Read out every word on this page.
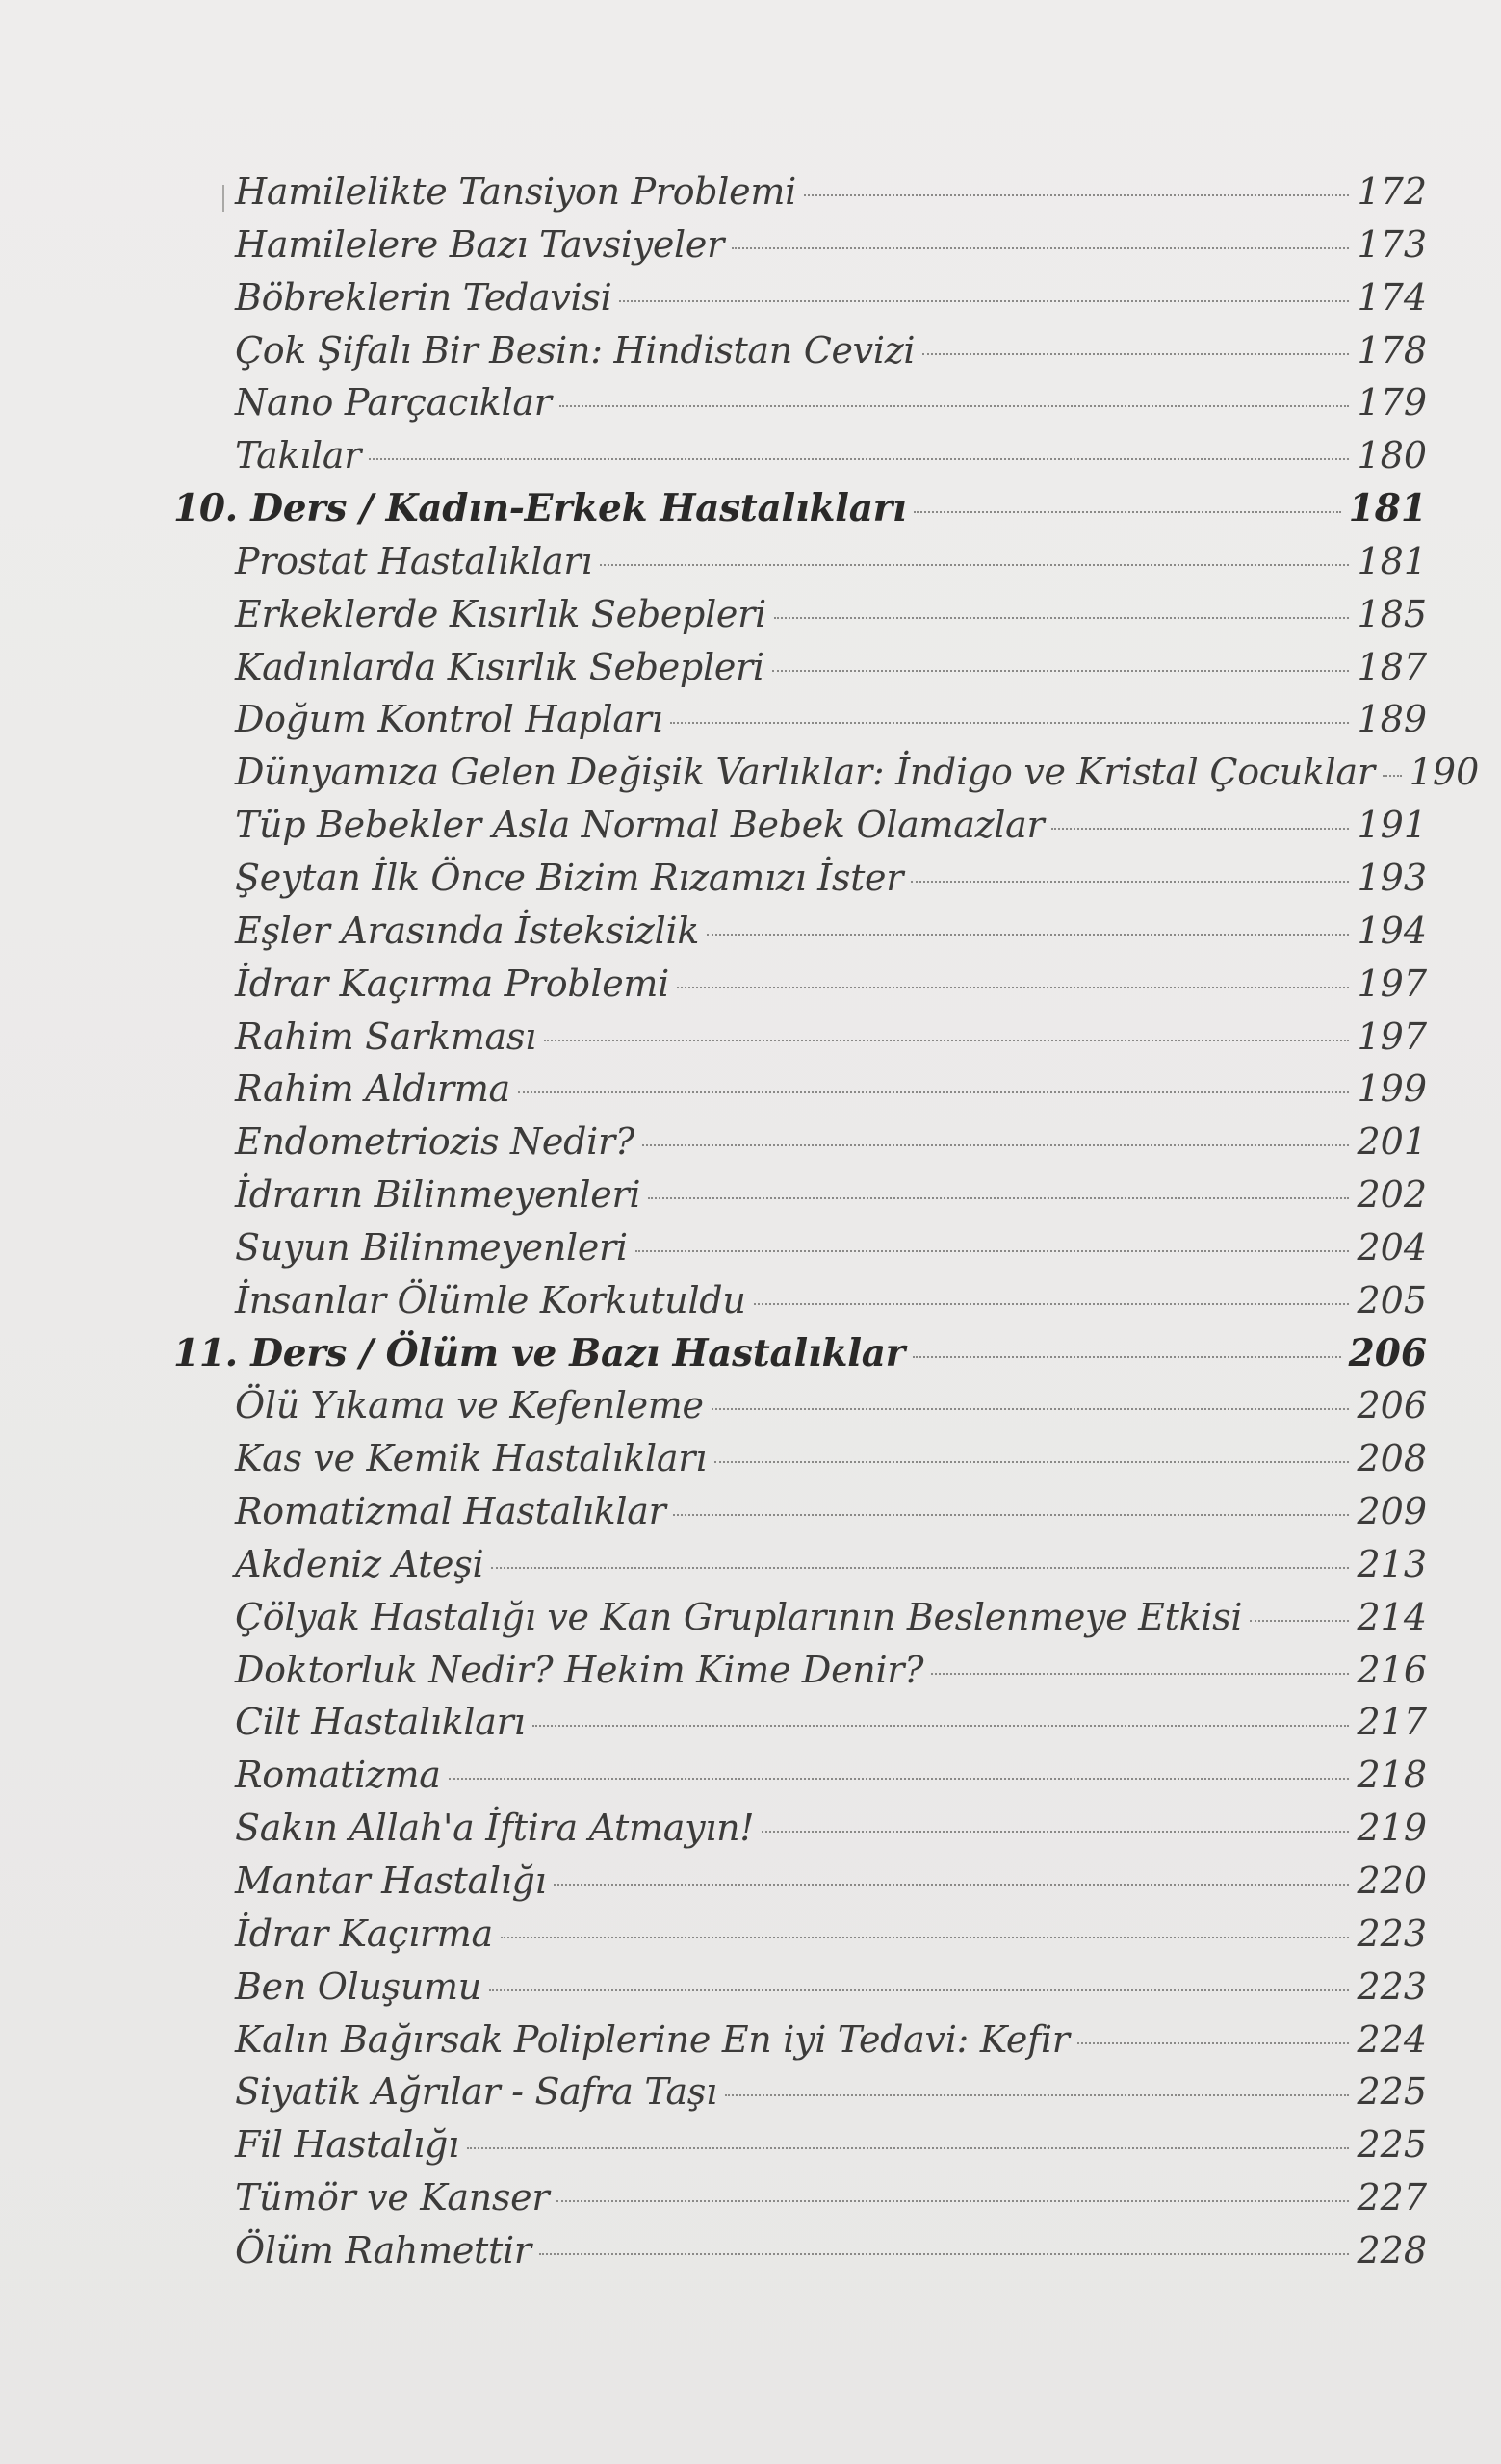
Hamilelikte Tansiyon Problemi	172
Hamilelere Bazı Tavsiyeler	173
Böbreklerin Tedavisi	174
Çok Şifalı Bir Besin: Hindistan Cevizi	178
Nano Parçacıklar	179
Takılar	180
10. Ders / Kadın-Erkek Hastalıkları	181
Prostat Hastalıkları	181
Erkeklerde Kısırlık Sebepleri	185
Kadınlarda Kısırlık Sebepleri	187
Doğum Kontrol Hapları	189
Dünyamıza Gelen Değişik Varlıklar: İndigo ve Kristal Çocuklar 190
Tüp Bebekler Asla Normal Bebek Olamazlar	191
Şeytan İlk Önce Bizim Rızamızı İster	193
Eşler Arasında İsteksizlik	194
İdrar Kaçırma Problemi	197
Rahim Sarkması	197
Rahim Aldırma	199
Endometriozis Nedir?	201
İdrarın Bilinmeyenleri	202
Suyun Bilinmeyenleri	204
İnsanlar Ölümle Korkutuldu	205
11. Ders / Ölüm ve Bazı Hastalıklar	206
Ölü Yıkama ve Kefenleme	206
Kas ve Kemik Hastalıkları	208
Romatizmal Hastalıklar	209
Akdeniz Ateşi	213
Çölyak Hastalığı ve Kan Gruplarının Beslenmeye Etkisi	214
Doktorluk Nedir? Hekim Kime Denir?	216
Cilt Hastalıkları	217
Romatizma	218
Sakın Allah'a İftira Atmayın!	219
Mantar Hastalığı	220
İdrar Kaçırma	223
Ben Oluşumu	223
Kalın Bağırsak Poliplerine En iyi Tedavi: Kefir	224
Siyatik Ağrılar - Safra Taşı	225
Fil Hastalığı	225
Tümör ve Kanser	227
Ölüm Rahmettir	228
